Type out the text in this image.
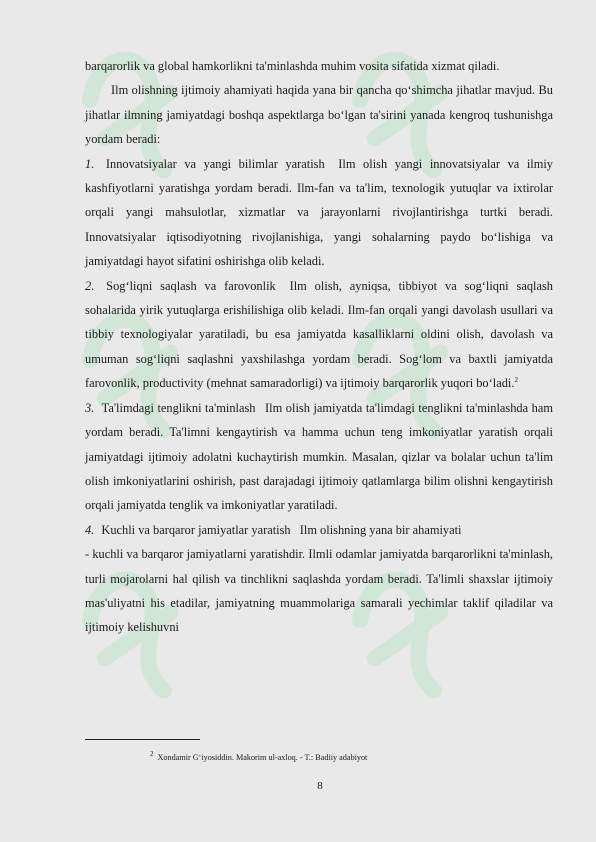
barqarorlik va global hamkorlikni ta'minlashda muhim vosita sifatida xizmat qiladi.

Ilm olishning ijtimoiy ahamiyati haqida yana bir qancha qo‘shimcha jihatlar mavjud. Bu jihatlar ilmning jamiyatdagi boshqa aspektlarga bo‘lgan ta'sirini yanada kengroq tushunishga yordam beradi:

1. Innovatsiyalar va yangi bilimlar yaratish Ilm olish yangi innovatsiyalar va ilmiy kashfiyotlarni yaratishga yordam beradi. Ilm-fan va ta'lim, texnologik yutuqlar va ixtirolar orqali yangi mahsulotlar, xizmatlar va jarayonlarni rivojlantirishga turtki beradi. Innovatsiyalar iqtisodiyotning rivojlanishiga, yangi sohalarning paydo bo‘lishiga va jamiyatdagi hayot sifatini oshirishga olib keladi.

2. Sog‘liqni saqlash va farovonlik Ilm olish, ayniqsa, tibbiyot va sog‘liqni saqlash sohalarida yirik yutuqlarga erishilishiga olib keladi. Ilm-fan orqali yangi davolash usullari va tibbiy texnologiyalar yaratiladi, bu esa jamiyatda kasalliklarni oldini olish, davolash va umuman sog‘liqni saqlashni yaxshilashga yordam beradi. Sog‘lom va baxtli jamiyatda farovonlik, productivity (mehnat samaradorligi) va ijtimoiy barqarorlik yuqori bo‘ladi.$^2$

3. Ta'limdagi tenglikni ta'minlash Ilm olish jamiyatda ta'limdagi tenglikni ta'minlashda ham yordam beradi. Ta'limni kengaytirish va hamma uchun teng imkoniyatlar yaratish orqali jamiyatdagi ijtimoiy adolatni kuchaytirish mumkin. Masalan, qizlar va bolalar uchun ta'lim olish imkoniyatlarini oshirish, past darajadagi ijtimoiy qatlamlarga bilim olishni kengaytirish orqali jamiyatda tenglik va imkoniyatlar yaratiladi.

4. Kuchli va barqaror jamiyatlar yaratish Ilm olishning yana bir ahamiyati

- kuchli va barqaror jamiyatlarni yaratishdir. Ilmli odamlar jamiyatda barqarorlikni ta'minlash, turli mojarolarni hal qilish va tinchlikni saqlashda yordam beradi. Ta'limli shaxslar ijtimoiy mas'uliyatni his etadilar, jamiyatning muammolariga samarali yechimlar taklif qiladilar va ijtimoiy kelishuvni

$^2$ Xondamir G‘iyosiddin. Makorim ul-axloq. - T.: Badiiy adabiyot
8
